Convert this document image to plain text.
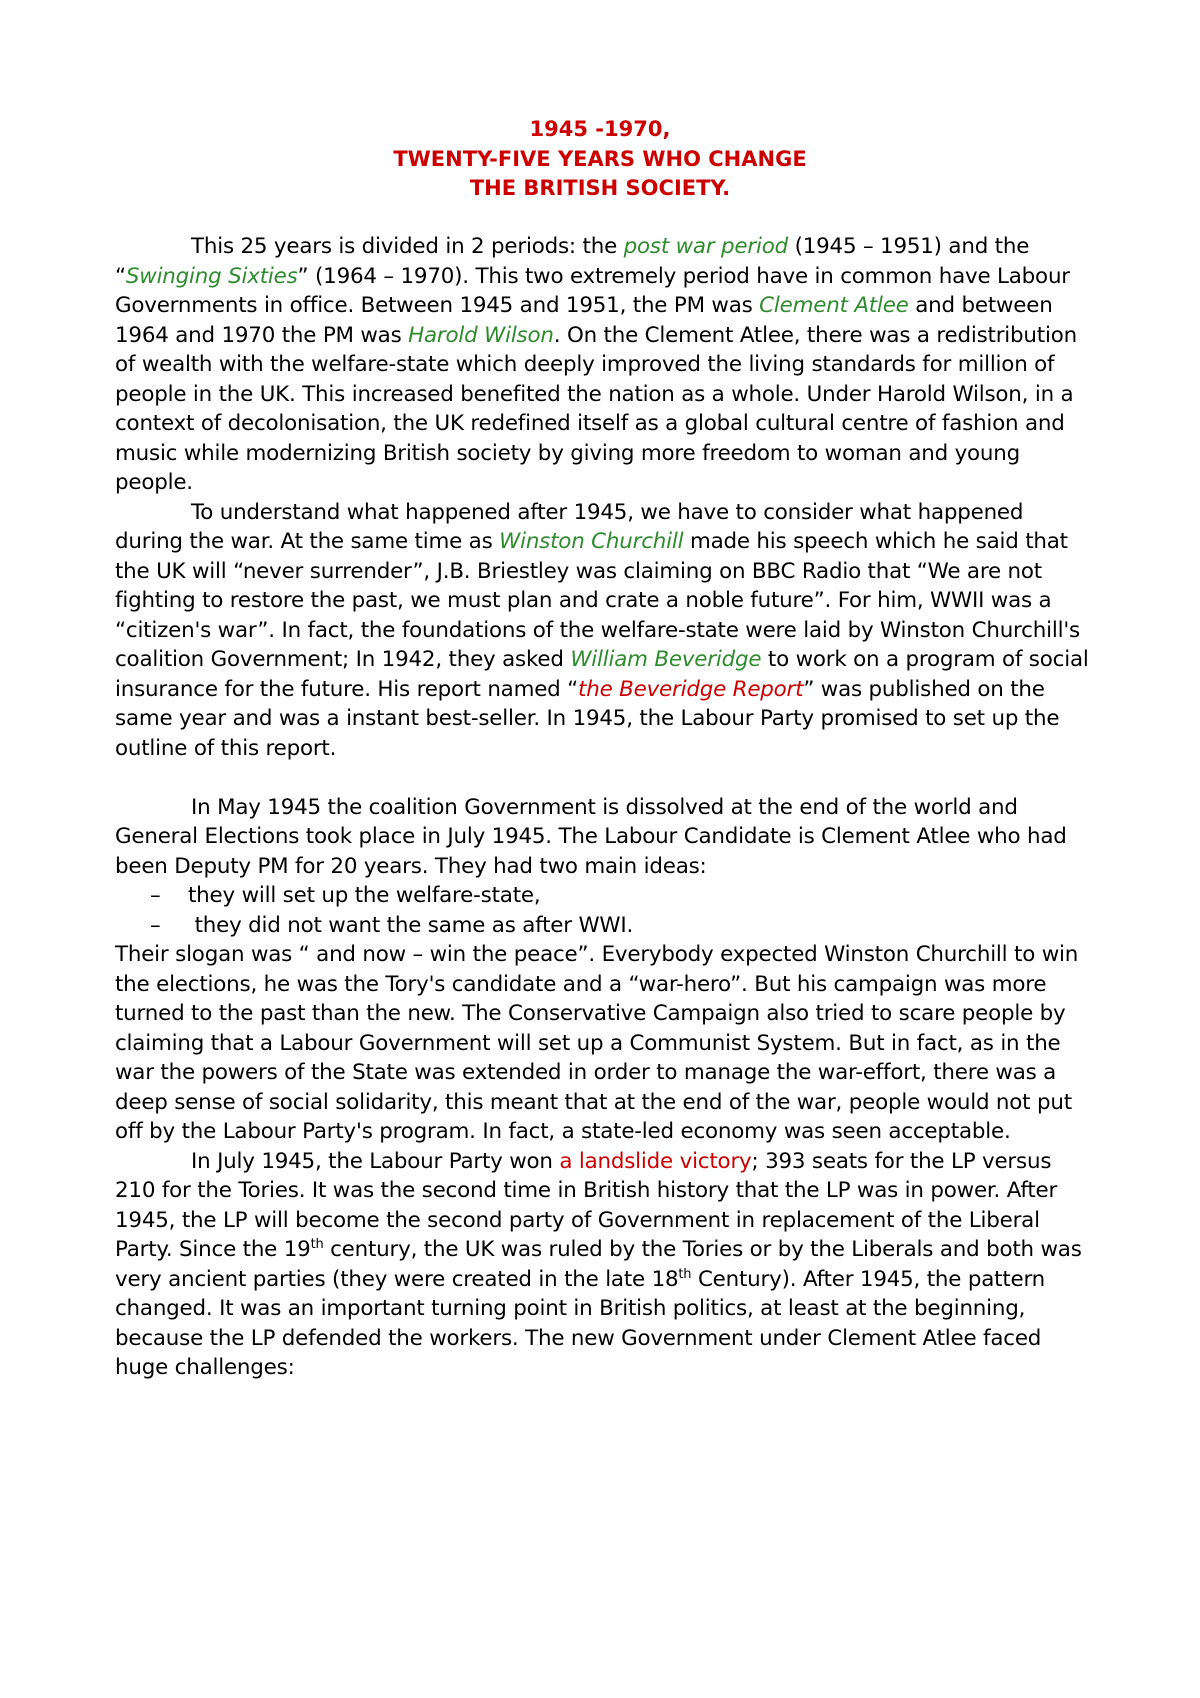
1945 -1970,
TWENTY-FIVE YEARS WHO CHANGE
THE BRITISH SOCIETY.

This 25 years is divided in 2 periods: the post war period (1945 – 1951) and the “Swinging Sixties” (1964 – 1970). This two extremely period have in common have Labour Governments in office. Between 1945 and 1951, the PM was Clement Atlee and between 1964 and 1970 the PM was Harold Wilson. On the Clement Atlee, there was a redistribution of wealth with the welfare-state which deeply improved the living standards for million of people in the UK. This increased benefited the nation as a whole. Under Harold Wilson, in a context of decolonisation, the UK redefined itself as a global cultural centre of fashion and music while modernizing British society by giving more freedom to woman and young people.

To understand what happened after 1945, we have to consider what happened during the war. At the same time as Winston Churchill made his speech which he said that the UK will “never surrender”, J.B. Briestley was claiming on BBC Radio that “We are not fighting to restore the past, we must plan and crate a noble future”. For him, WWII was a “citizen's war”. In fact, the foundations of the welfare-state were laid by Winston Churchill's coalition Government; In 1942, they asked William Beveridge to work on a program of social insurance for the future. His report named “the Beveridge Report” was published on the same year and was a instant best-seller. In 1945, the Labour Party promised to set up the outline of this report.

In May 1945 the coalition Government is dissolved at the end of the world and General Elections took place in July 1945. The Labour Candidate is Clement Atlee who had been Deputy PM for 20 years. They had two main ideas:

– they will set up the welfare-state,
– they did not want the same as after WWI.

Their slogan was “ and now – win the peace”. Everybody expected Winston Churchill to win the elections, he was the Tory's candidate and a “war-hero”. But his campaign was more turned to the past than the new. The Conservative Campaign also tried to scare people by claiming that a Labour Government will set up a Communist System. But in fact, as in the war the powers of the State was extended in order to manage the war-effort, there was a deep sense of social solidarity, this meant that at the end of the war, people would not put off by the Labour Party's program. In fact, a state-led economy was seen acceptable.

In July 1945, the Labour Party won a landslide victory; 393 seats for the LP versus 210 for the Tories. It was the second time in British history that the LP was in power. After 1945, the LP will become the second party of Government in replacement of the Liberal Party. Since the 19th century, the UK was ruled by the Tories or by the Liberals and both was very ancient parties (they were created in the late 18th Century). After 1945, the pattern changed. It was an important turning point in British politics, at least at the beginning, because the LP defended the workers. The new Government under Clement Atlee faced huge challenges:
